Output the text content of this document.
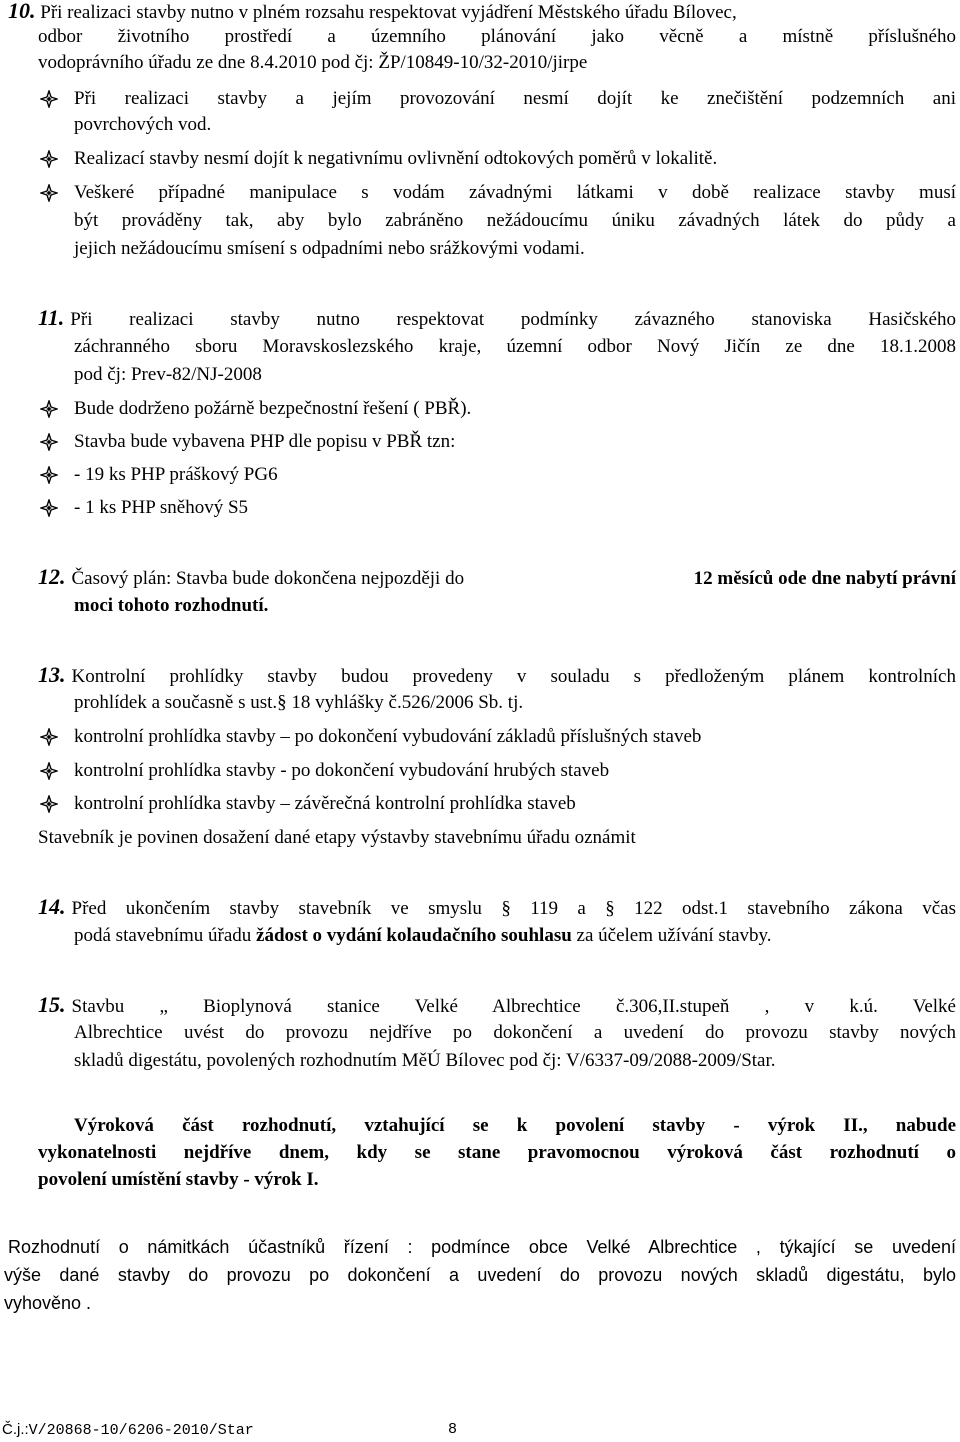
10. Při realizaci stavby nutno v plném rozsahu respektovat vyjádření Městského úřadu Bílovec,
odbor životního prostředí a územního plánování jako věcně a místně příslušného
vodoprávního úřadu ze dne 8.4.2010 pod čj: ŽP/10849-10/32-2010/jirpe
Při realizaci stavby a jejím provozování nesmí dojít ke znečištění podzemních ani
povrchových vod.
Realizací stavby nesmí dojít k negativnímu ovlivnění odtokových poměrů v lokalitě.
Veškeré případné manipulace s vodám závadnými látkami v době realizace stavby musí
být prováděny tak, aby bylo zabráněno nežádoucímu úniku závadných látek do půdy a
jejich nežádoucímu smísení s odpadními nebo srážkovými vodami.
11. Při realizaci stavby nutno respektovat podmínky závazného stanoviska Hasičského
záchranného sboru Moravskoslezského kraje, územní odbor Nový Jičín ze dne 18.1.2008
pod čj: Prev-82/NJ-2008
Bude dodrženo požárně bezpečnostní řešení ( PBŘ).
Stavba bude vybavena PHP dle popisu v PBŘ tzn:
- 19 ks PHP práškový PG6
- 1 ks PHP sněhový S5
12. Časový plán: Stavba bude dokončena nejpozději do	12 měsíců ode dne nabytí právní
moci tohoto rozhodnutí.
13. Kontrolní prohlídky stavby budou provedeny v souladu s předloženým plánem kontrolních
prohlídek a současně s ust.§ 18 vyhlášky č.526/2006 Sb. tj.
kontrolní prohlídka stavby – po dokončení vybudování základů příslušných staveb
kontrolní prohlídka stavby - po dokončení vybudování hrubých staveb
kontrolní prohlídka stavby – závěrečná kontrolní prohlídka staveb
Stavebník je povinen dosažení dané etapy výstavby stavebnímu úřadu oznámit
14. Před ukončením stavby stavebník ve smyslu § 119 a § 122 odst.1 stavebního zákona včas
podá stavebnímu úřadu žádost o vydání kolaudačního souhlasu za účelem užívání stavby.
15. Stavbu „ Bioplynová stanice Velké Albrechtice č.306,II.stupeň , v k.ú. Velké
Albrechtice uvést do provozu nejdříve po dokončení a uvedení do provozu stavby nových
skladů digestátu, povolených rozhodnutím MěÚ Bílovec pod čj: V/6337-09/2088-2009/Star.
Výroková část rozhodnutí, vztahující se k povolení stavby - výrok II., nabude
vykonatelnosti nejdříve dnem, kdy se stane pravomocnou výroková část rozhodnutí o
povolení umístění stavby - výrok I.
Rozhodnutí o námitkách účastníků řízení : podmínce obce Velké Albrechtice , týkající se uvedení
výše dané stavby do provozu po dokončení a uvedení do provozu nových skladů digestátu, bylo
vyhověno .
Č.j.:V/20868-10/6206-2010/Star	8
